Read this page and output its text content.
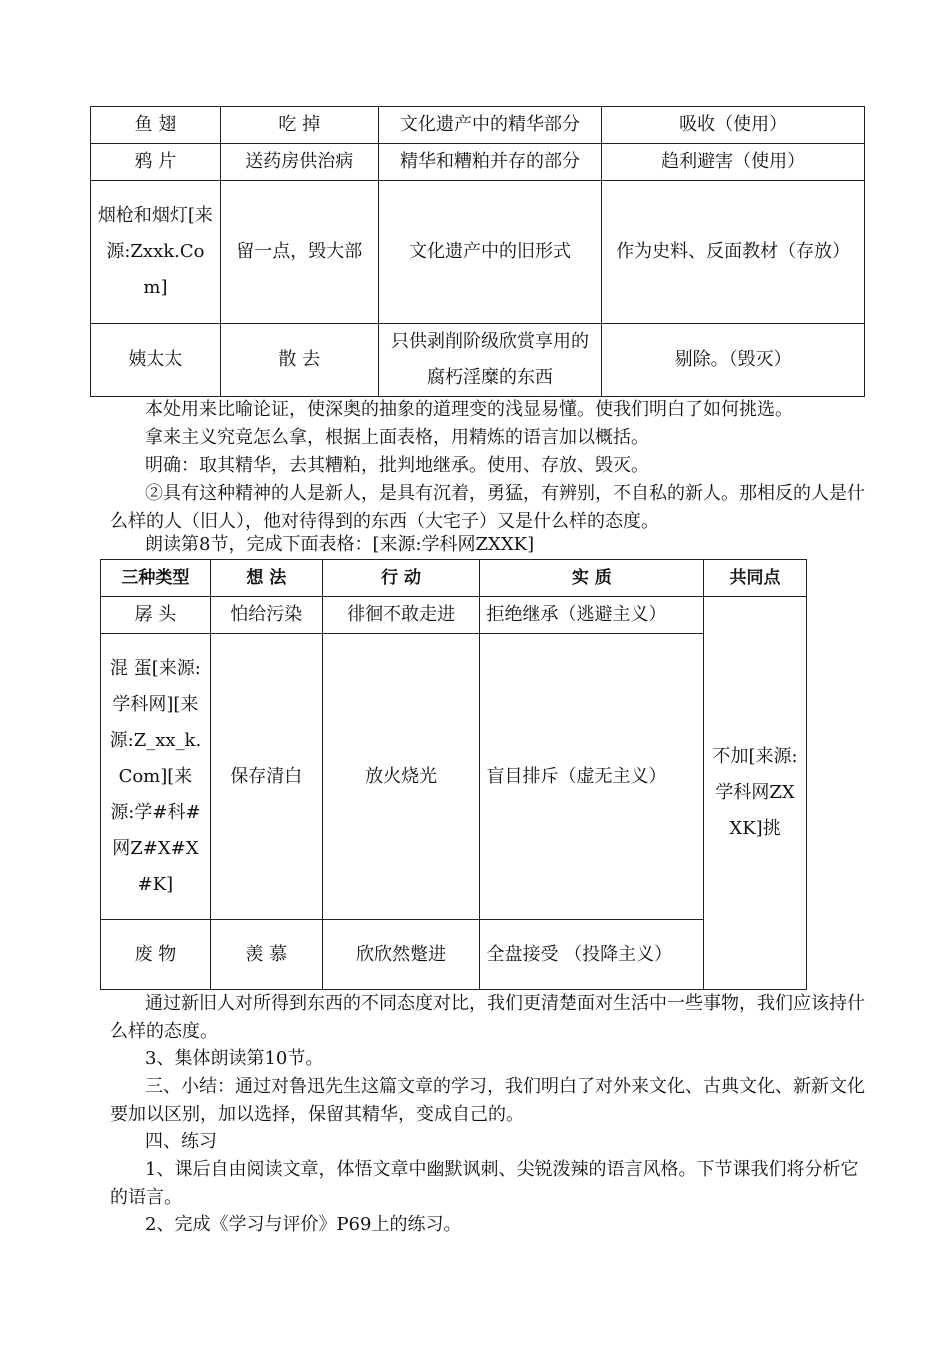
鱼 翅	吃 掉	文化遗产中的精华部分	吸收（使用）
鸦 片	送药房供治病	精华和糟粕并存的部分	趋利避害（使用）
烟枪和烟灯[来源:Zxxk.Com]	留一点，毁大部	文化遗产中的旧形式	作为史料、反面教材（存放）
姨太太	散 去	只供剥削阶级欣赏享用的腐朽淫糜的东西	剔除。（毁灭）

本处用来比喻论证，使深奥的抽象的道理变的浅显易懂。使我们明白了如何挑选。

拿来主义究竟怎么拿，根据上面表格，用精炼的语言加以概括。

明确：取其精华，去其糟粕，批判地继承。使用、存放、毁灭。

②具有这种精神的人是新人，是具有沉着，勇猛，有辨别，不自私的新人。那相反的人是什么样的人（旧人），他对待得到的东西（大宅子）又是什么样的态度。

朗读第8节，完成下面表格：[来源:学科网ZXXK]

三种类型	想 法	行 动	实 质	共同点
孱 头	怕给污染	徘徊不敢走进	拒绝继承（逃避主义）	不加[来源:学科网ZXXK]挑
混 蛋[来源:学科网][来源:Z_xx_k.Com][来源:学#科#网Z#X#X#K]	保存清白	放火烧光	盲目排斥（虚无主义）	
废 物	羡 慕	欣欣然蹩进	全盘接受 （投降主义）	

通过新旧人对所得到东西的不同态度对比，我们更清楚面对生活中一些事物，我们应该持什么样的态度。

3、集体朗读第10节。

三、小结：通过对鲁迅先生这篇文章的学习，我们明白了对外来文化、古典文化、新新文化要加以区别，加以选择，保留其精华，变成自己的。

四、练习

1、课后自由阅读文章，体悟文章中幽默讽刺、尖锐泼辣的语言风格。下节课我们将分析它的语言。

2、完成《学习与评价》P69上的练习。
